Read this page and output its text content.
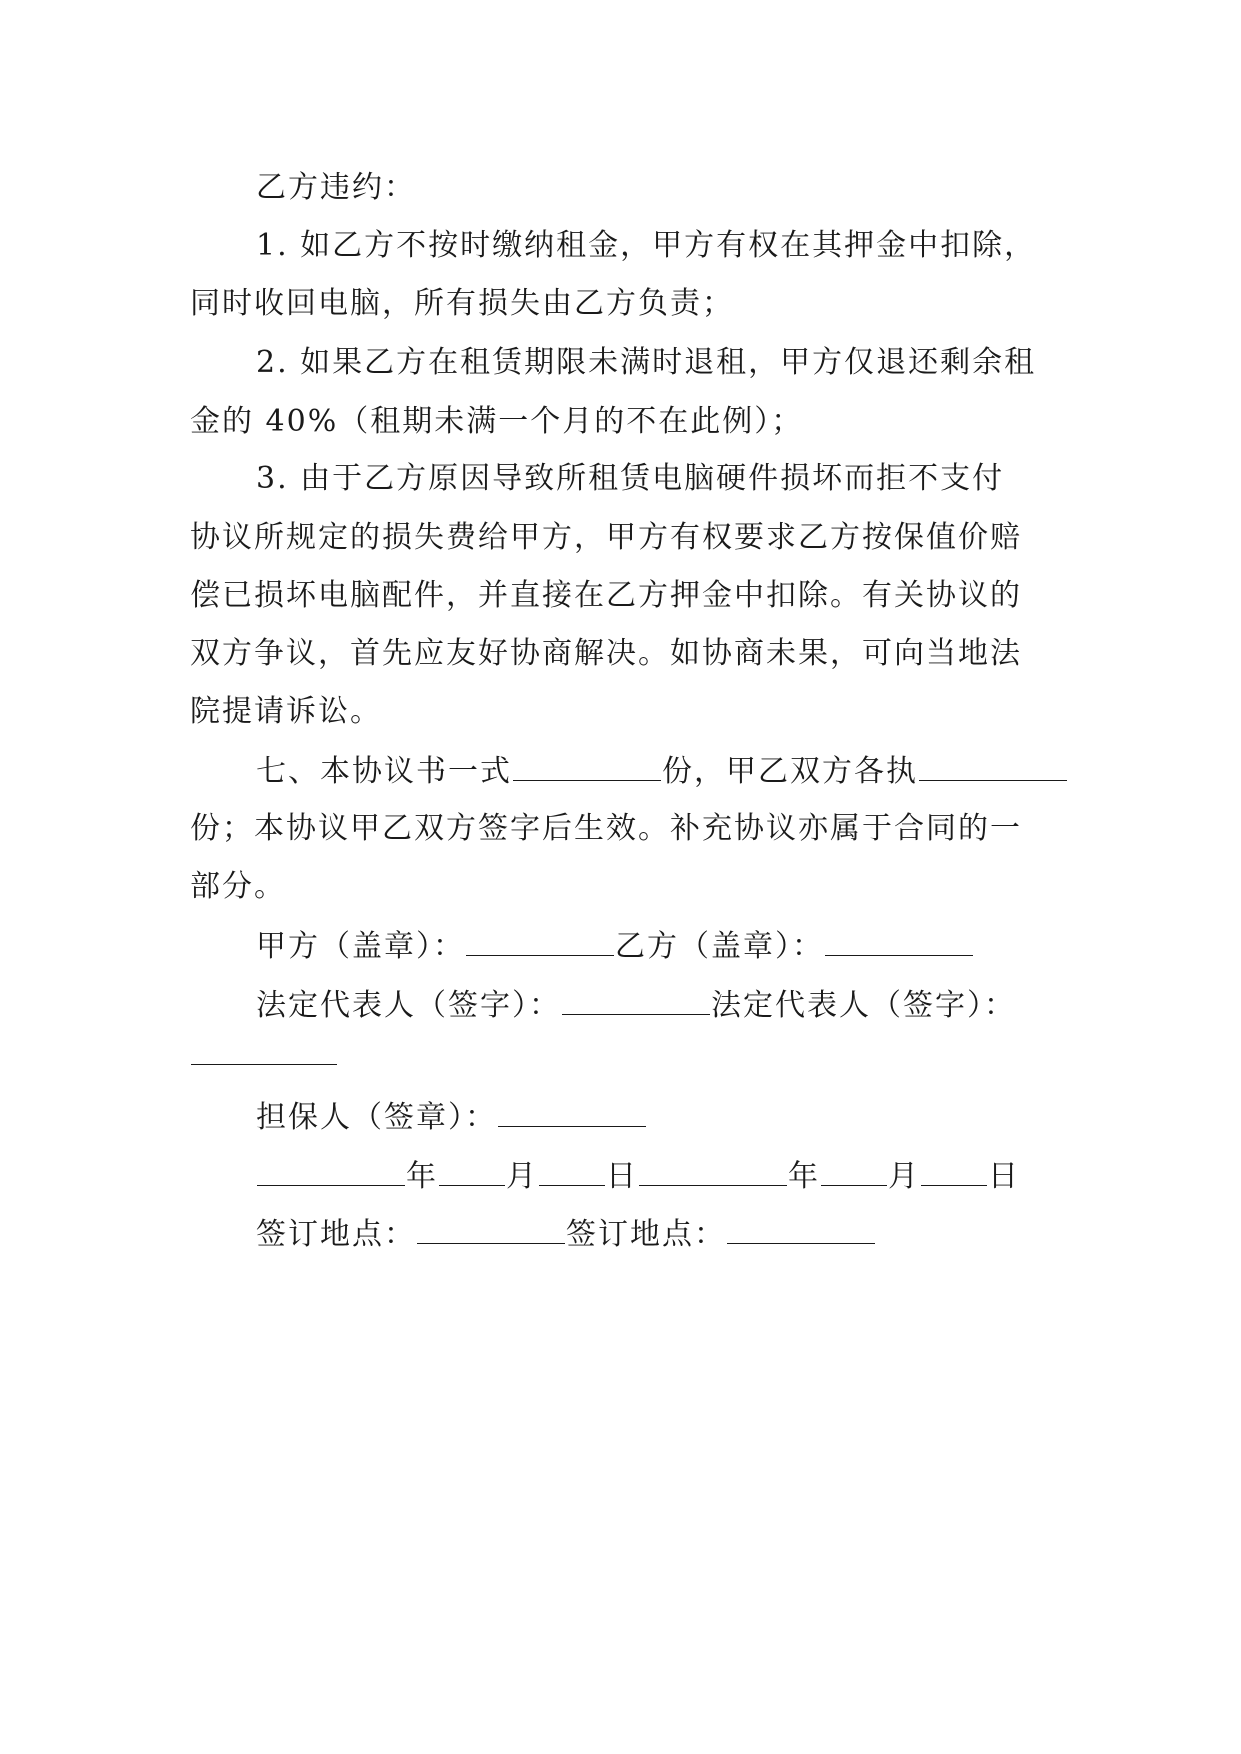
乙方违约：
1. 如乙方不按时缴纳租金，甲方有权在其押金中扣除，
同时收回电脑，所有损失由乙方负责；
2. 如果乙方在租赁期限未满时退租，甲方仅退还剩余租
金的 40%（租期未满一个月的不在此例）；
3. 由于乙方原因导致所租赁电脑硬件损坏而拒不支付
协议所规定的损失费给甲方，甲方有权要求乙方按保值价赔
偿已损坏电脑配件，并直接在乙方押金中扣除。有关协议的
双方争议，首先应友好协商解决。如协商未果，可向当地法
院提请诉讼。
七、本协议书一式	份，甲乙双方各执
份；本协议甲乙双方签字后生效。补充协议亦属于合同的一
部分。
甲方（盖章）：	乙方（盖章）：
法定代表人（签字）：	法定代表人（签字）：
担保人（签章）：
年 月 日	年 月 日
签订地点：	签订地点：
